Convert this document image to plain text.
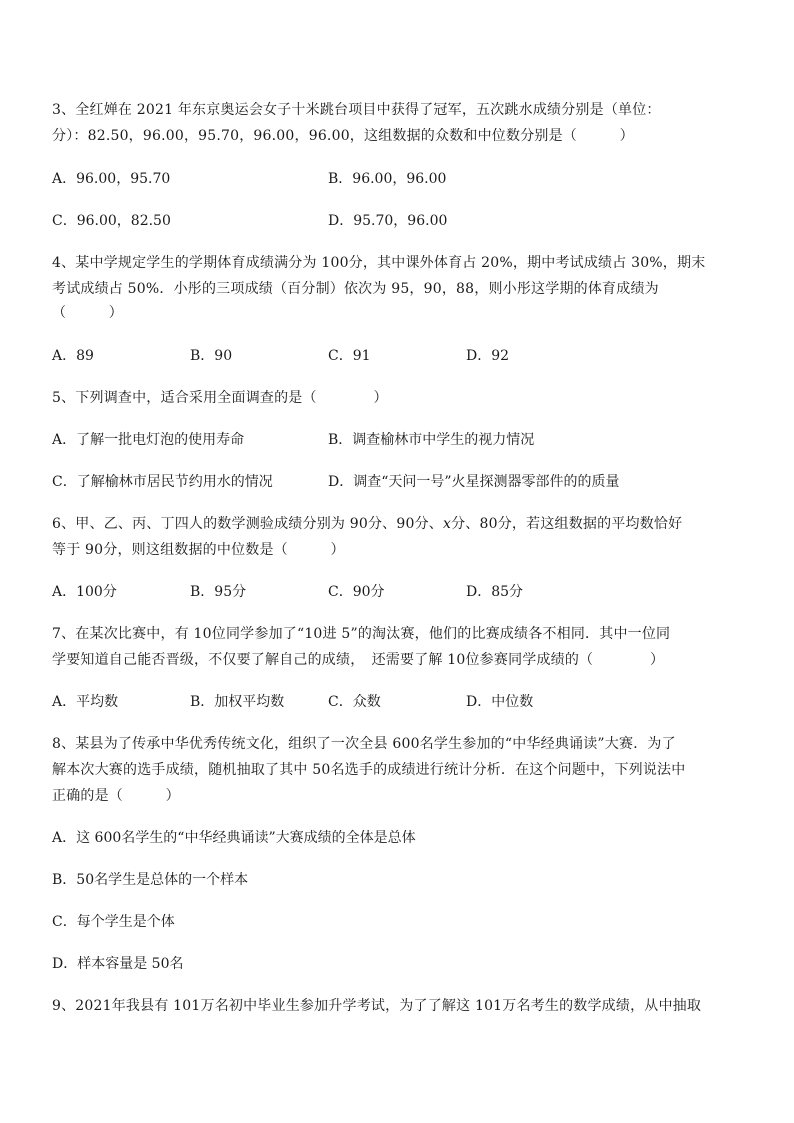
3、全红婵在 2021 年东京奥运会女子十米跳台项目中获得了冠军，五次跳水成绩分别是（单位：
分）：82.50，96.00，95.70，96.00，96.00，这组数据的众数和中位数分别是（　　　）
A．96.00，95.70	B．96.00，96.00
C．96.00，82.50	D．95.70，96.00
4、某中学规定学生的学期体育成绩满分为 100分，其中课外体育占 20%，期中考试成绩占 30%，期末
考试成绩占 50%．小彤的三项成绩（百分制）依次为 95，90，88，则小彤这学期的体育成绩为
（　　　）
A．89	B．90	C．91	D．92
5、下列调查中，适合采用全面调查的是（　　　　）
A．了解一批电灯泡的使用寿命	B．调查榆林市中学生的视力情况
C．了解榆林市居民节约用水的情况	D．调查“天问一号”火星探测器零部件的的质量
6、甲、乙、丙、丁四人的数学测验成绩分别为 90分、90分、x分、80分，若这组数据的平均数恰好
等于 90分，则这组数据的中位数是（　　　）
A．100分	B．95分	C．90分	D．85分
7、在某次比赛中，有 10位同学参加了“10进 5”的淘汰赛，他们的比赛成绩各不相同．其中一位同
学要知道自己能否晋级，不仅要了解自己的成绩，　还需要了解 10位参赛同学成绩的（　　　　）
A．平均数	B．加权平均数	C．众数	D．中位数
8、某县为了传承中华优秀传统文化，组织了一次全县 600名学生参加的“中华经典诵读”大赛．为了
解本次大赛的选手成绩，随机抽取了其中 50名选手的成绩进行统计分析．在这个问题中，下列说法中
正确的是（　　　）
A．这 600名学生的“中华经典诵读”大赛成绩的全体是总体
B．50名学生是总体的一个样本
C．每个学生是个体
D．样本容量是 50名
9、2021年我县有 101万名初中毕业生参加升学考试，为了了解这 101万名考生的数学成绩，从中抽取
